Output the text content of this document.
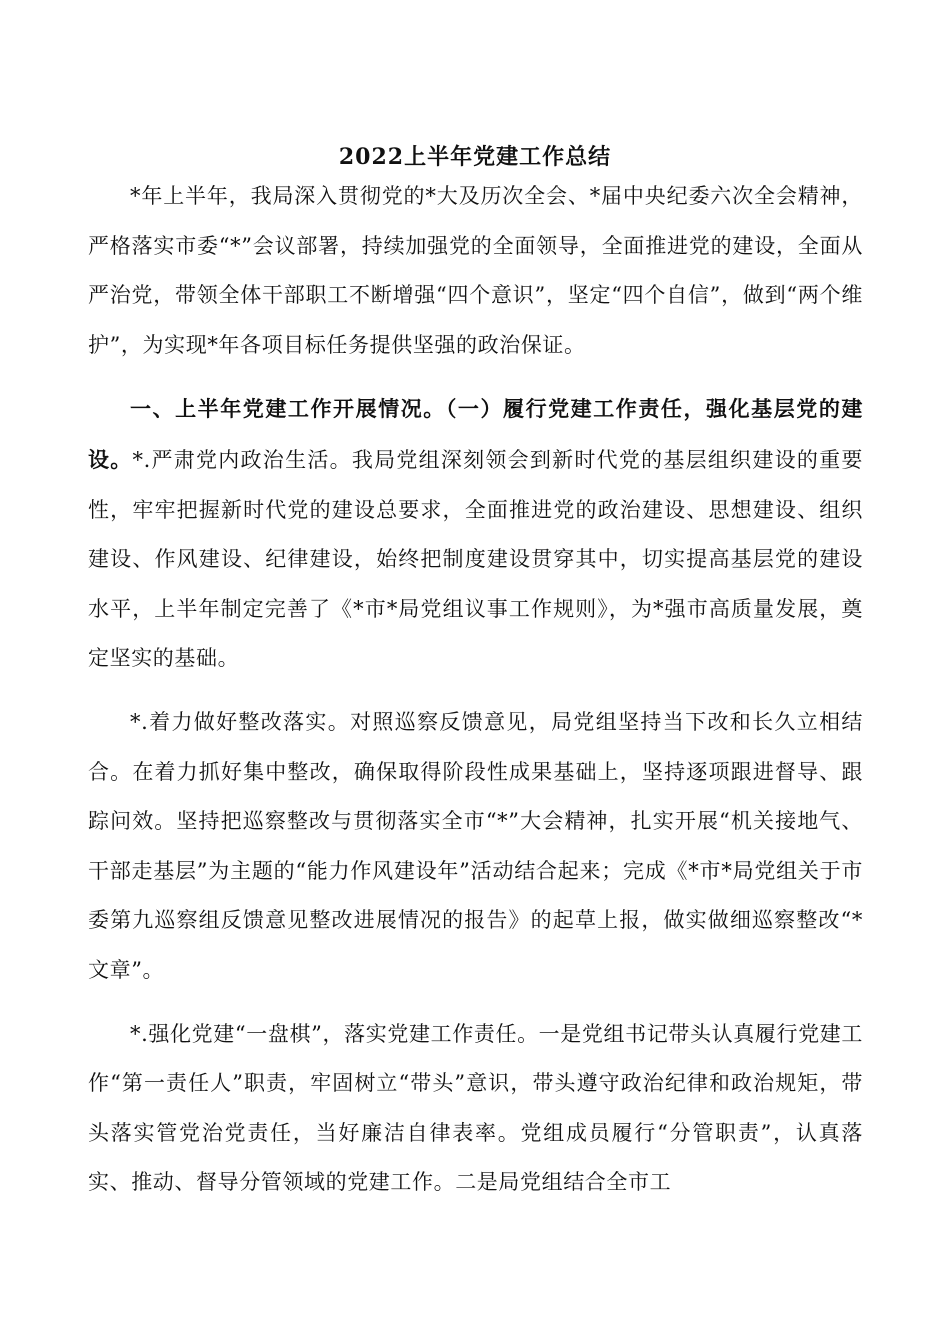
2022上半年党建工作总结

*年上半年，我局深入贯彻党的*大及历次全会、*届中央纪委六次全会精神，严格落实市委“*”会议部署，持续加强党的全面领导，全面推进党的建设，全面从严治党，带领全体干部职工不断增强“四个意识”，坚定“四个自信”，做到“两个维护”，为实现*年各项目标任务提供坚强的政治保证。

一、上半年党建工作开展情况。（一）履行党建工作责任，强化基层党的建设。*.严肃党内政治生活。我局党组深刻领会到新时代党的基层组织建设的重要性，牢牢把握新时代党的建设总要求，全面推进党的政治建设、思想建设、组织建设、作风建设、纪律建设，始终把制度建设贯穿其中，切实提高基层党的建设水平，上半年制定完善了《*市*局党组议事工作规则》，为*强市高质量发展，奠定坚实的基础。

*.着力做好整改落实。对照巡察反馈意见，局党组坚持当下改和长久立相结合。在着力抓好集中整改，确保取得阶段性成果基础上，坚持逐项跟进督导、跟踪问效。坚持把巡察整改与贯彻落实全市“*”大会精神，扎实开展“机关接地气、干部走基层”为主题的“能力作风建设年”活动结合起来；完成《*市*局党组关于市委第九巡察组反馈意见整改进展情况的报告》的起草上报，做实做细巡察整改“*文章”。

*.强化党建“一盘棋”，落实党建工作责任。一是党组书记带头认真履行党建工作“第一责任人”职责，牢固树立“带头”意识，带头遵守政治纪律和政治规矩，带头落实管党治党责任，当好廉洁自律表率。党组成员履行“分管职责”，认真落实、推动、督导分管领域的党建工作。二是局党组结合全市工
